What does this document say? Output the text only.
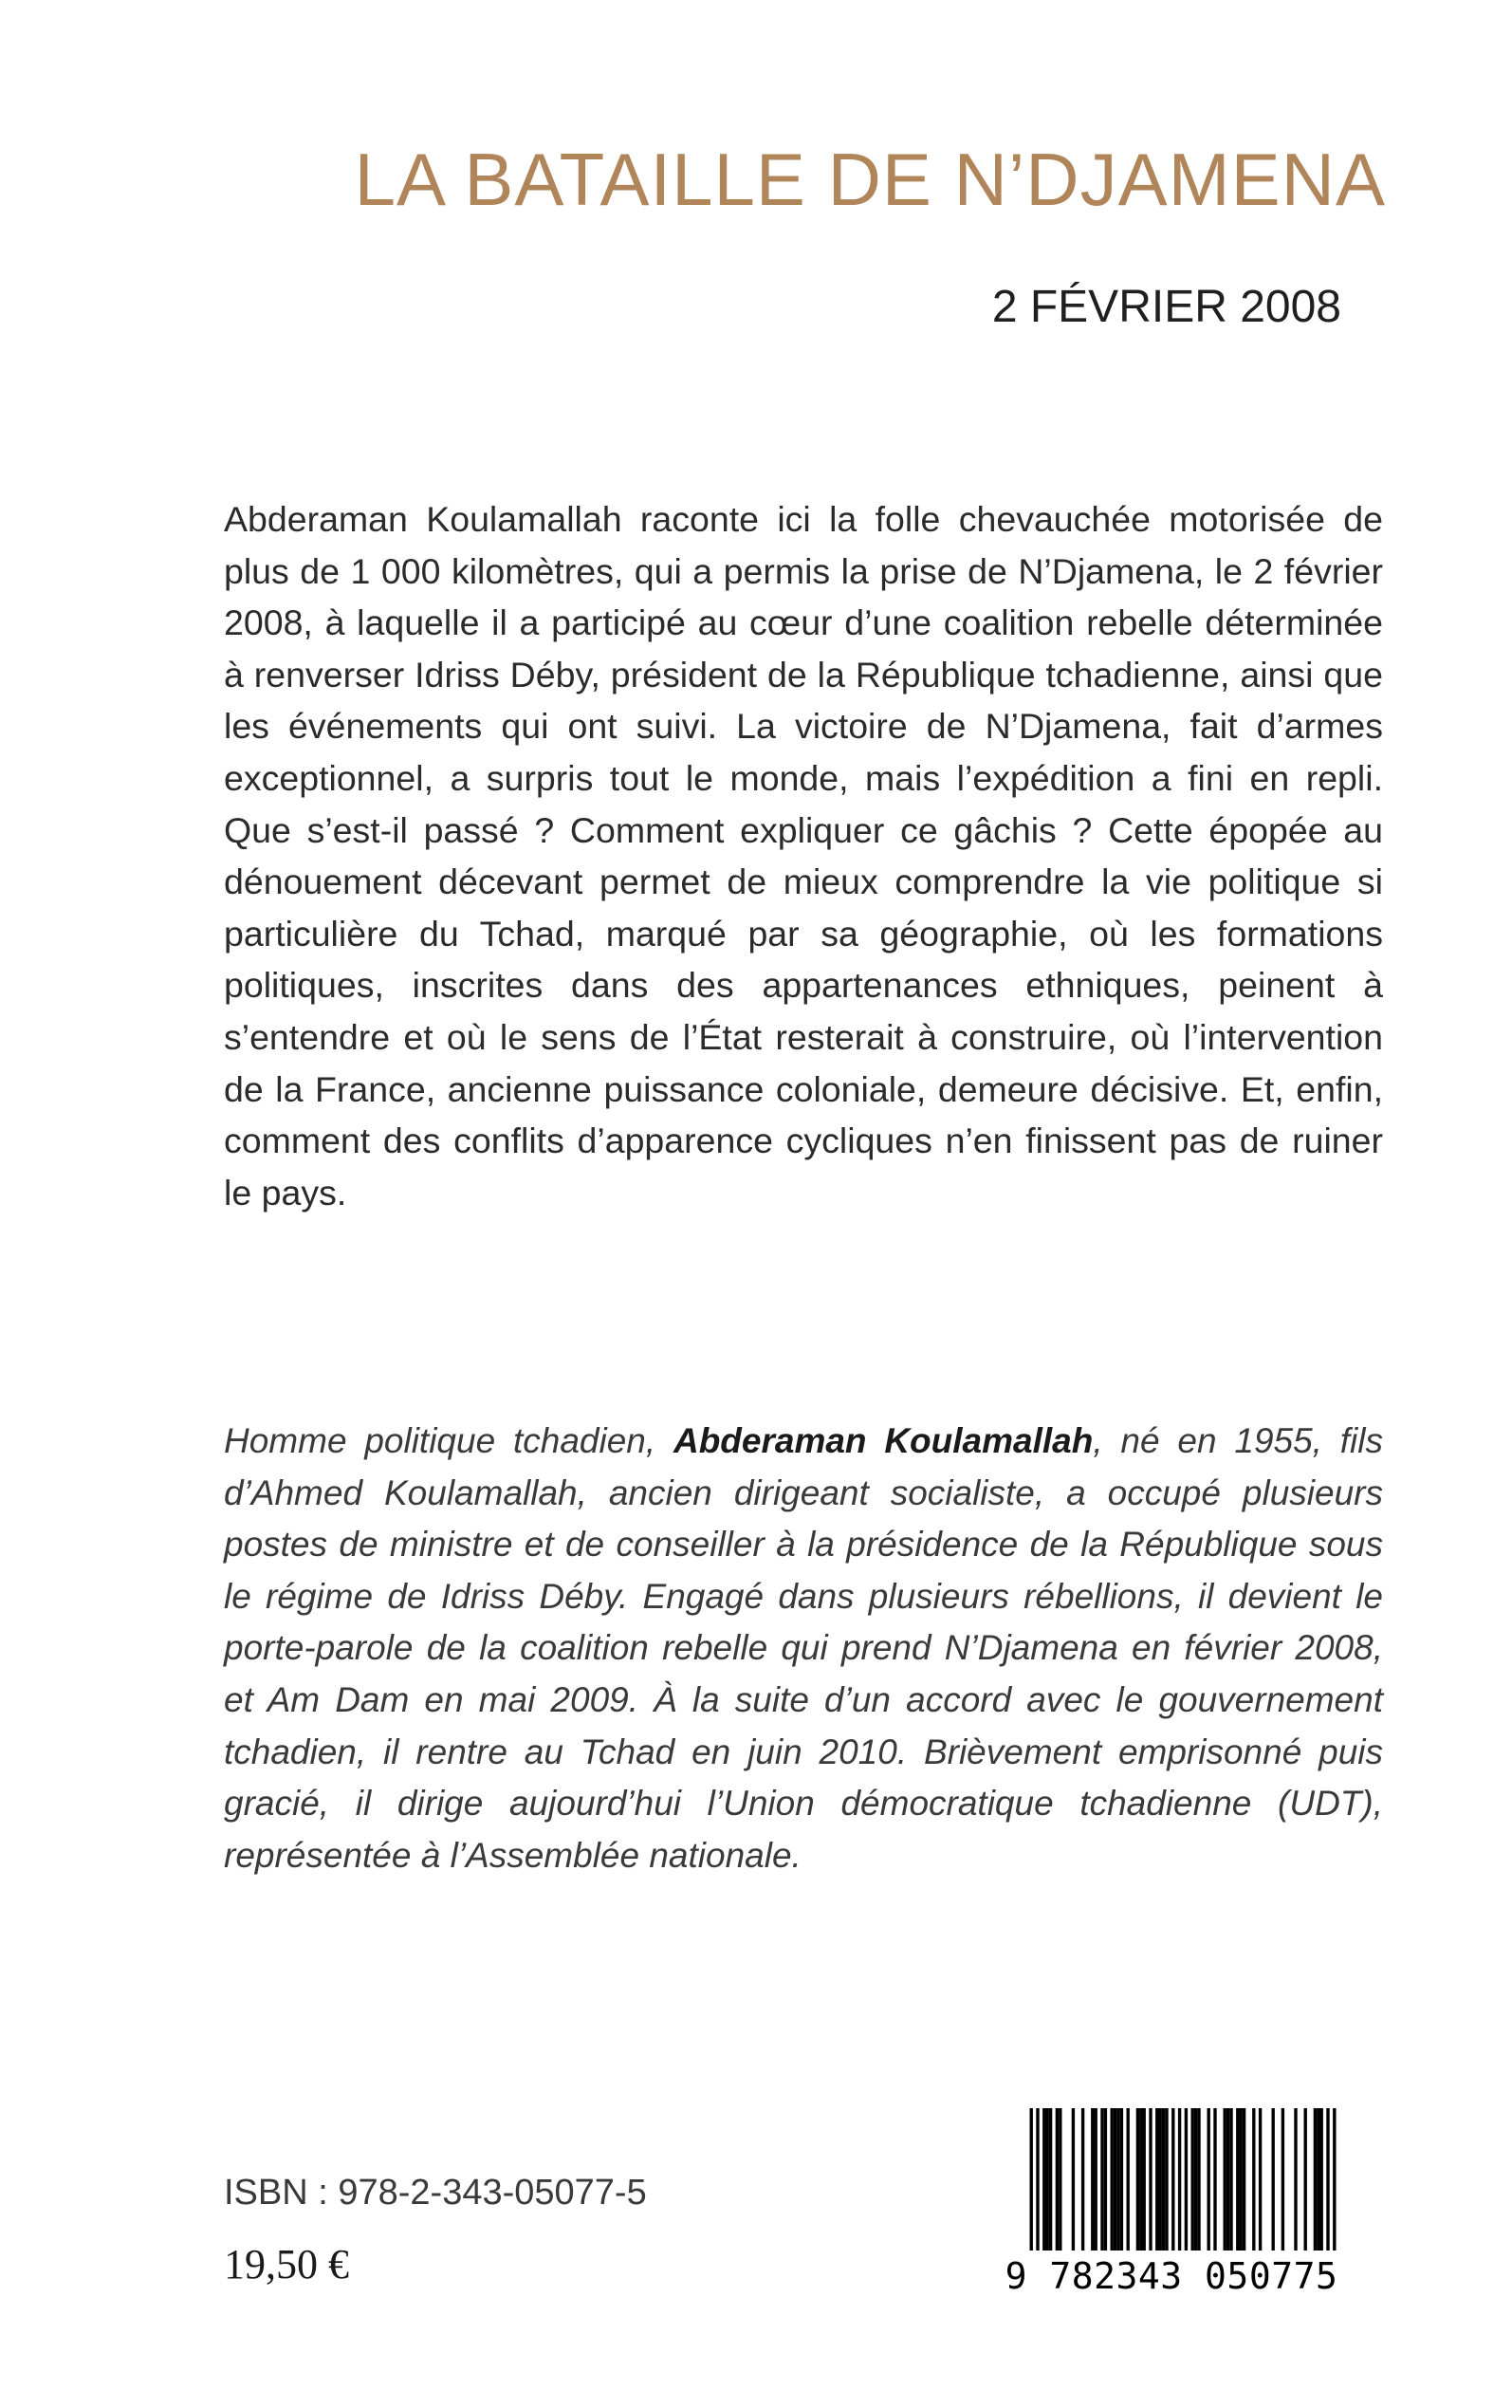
LA BATAILLE DE N’DJAMENA
2 FÉVRIER 2008

Abderaman Koulamallah raconte ici la folle chevauchée motorisée de plus de 1 000 kilomètres, qui a permis la prise de N’Djamena, le 2 février 2008, à laquelle il a participé au cœur d’une coalition rebelle déterminée à renverser Idriss Déby, président de la République tchadienne, ainsi que les événements qui ont suivi. La victoire de N’Djamena, fait d’armes exceptionnel, a surpris tout le monde, mais l’expédition a fini en repli. Que s’est-il passé ? Comment expliquer ce gâchis ? Cette épopée au dénouement décevant permet de mieux comprendre la vie politique si particulière du Tchad, marqué par sa géographie, où les formations politiques, inscrites dans des appartenances ethniques, peinent à s’entendre et où le sens de l’État resterait à construire, où l’intervention de la France, ancienne puissance coloniale, demeure décisive. Et, enfin, comment des conflits d’apparence cycliques n’en finissent pas de ruiner le pays.

Homme politique tchadien, Abderaman Koulamallah, né en 1955, fils d’Ahmed Koulamallah, ancien dirigeant socialiste, a occupé plusieurs postes de ministre et de conseiller à la présidence de la République sous le régime de Idriss Déby. Engagé dans plusieurs rébellions, il devient le porte-parole de la coalition rebelle qui prend N’Djamena en février 2008, et Am Dam en mai 2009. À la suite d’un accord avec le gouvernement tchadien, il rentre au Tchad en juin 2010. Brièvement emprisonné puis gracié, il dirige aujourd’hui l’Union démocratique tchadienne (UDT), représentée à l’Assemblée nationale.

ISBN : 978-2-343-05077-5
19,50 €	9 782343 050775
